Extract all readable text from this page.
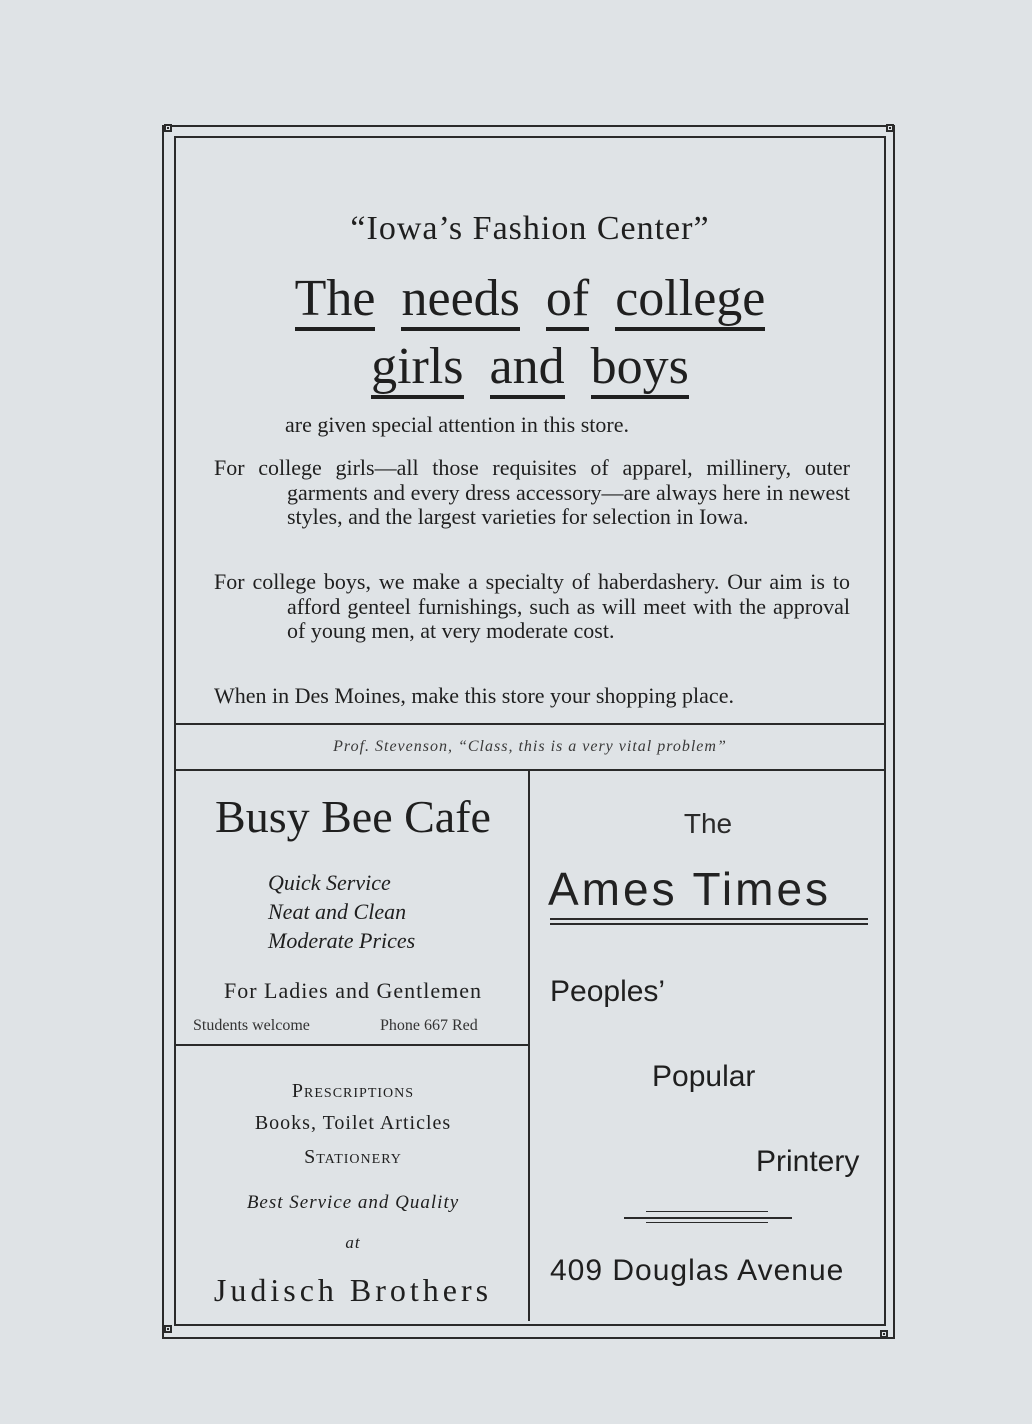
“Iowa’s Fashion Center”
The needs of college
girls and boys
are given special attention in this store.
For college girls—all those requisites of apparel, millinery, outer garments and every dress accessory—are always here in newest styles, and the largest varieties for selection in Iowa.
For college boys, we make a specialty of haberdashery. Our aim is to afford genteel furnishings, such as will meet with the approval of young men, at very moderate cost.
When in Des Moines, make this store your shopping place.
Prof. Stevenson, “Class, this is a very vital problem”
Busy Bee Cafe
Quick Service
Neat and Clean
Moderate Prices
For Ladies and Gentlemen
Students welcome	Phone 667 Red
Prescriptions
Books, Toilet Articles
Stationery
Best Service and Quality
at
Judisch Brothers
The
Ames Times
Peoples’
Popular
Printery
409 Douglas Avenue
